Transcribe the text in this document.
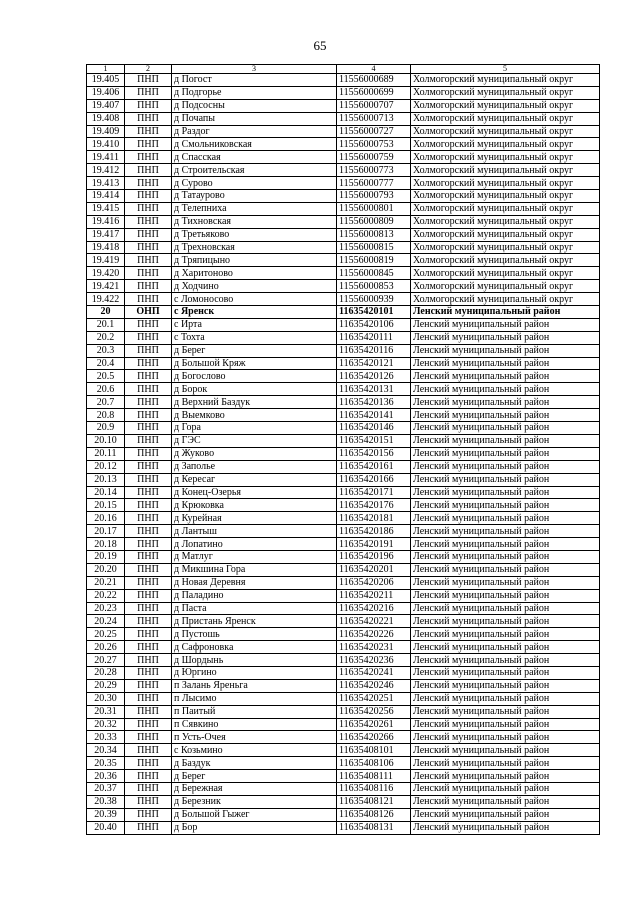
65
1	2	3	4	5
19.405	ПНП	д Погост	11556000689	Холмогорский муниципальный округ
19.406	ПНП	д Подгорье	11556000699	Холмогорский муниципальный округ
19.407	ПНП	д Подсосны	11556000707	Холмогорский муниципальный округ
19.408	ПНП	д Почапы	11556000713	Холмогорский муниципальный округ
19.409	ПНП	д Раздог	11556000727	Холмогорский муниципальный округ
19.410	ПНП	д Смольниковская	11556000753	Холмогорский муниципальный округ
19.411	ПНП	д Спасская	11556000759	Холмогорский муниципальный округ
19.412	ПНП	д Строительская	11556000773	Холмогорский муниципальный округ
19.413	ПНП	д Сурово	11556000777	Холмогорский муниципальный округ
19.414	ПНП	д Татаурово	11556000793	Холмогорский муниципальный округ
19.415	ПНП	д Телепниха	11556000801	Холмогорский муниципальный округ
19.416	ПНП	д Тихновская	11556000809	Холмогорский муниципальный округ
19.417	ПНП	д Третьяково	11556000813	Холмогорский муниципальный округ
19.418	ПНП	д Трехновская	11556000815	Холмогорский муниципальный округ
19.419	ПНП	д Тряпицыно	11556000819	Холмогорский муниципальный округ
19.420	ПНП	д Харитоново	11556000845	Холмогорский муниципальный округ
19.421	ПНП	д Ходчино	11556000853	Холмогорский муниципальный округ
19.422	ПНП	с Ломоносово	11556000939	Холмогорский муниципальный округ
20	ОНП	с Яренск	11635420101	Ленский муниципальный район
20.1	ПНП	с Ирта	11635420106	Ленский муниципальный район
20.2	ПНП	с Тохта	11635420111	Ленский муниципальный район
20.3	ПНП	д Берег	11635420116	Ленский муниципальный район
20.4	ПНП	д Большой Кряж	11635420121	Ленский муниципальный район
20.5	ПНП	д Богослово	11635420126	Ленский муниципальный район
20.6	ПНП	д Борок	11635420131	Ленский муниципальный район
20.7	ПНП	д Верхний Баздук	11635420136	Ленский муниципальный район
20.8	ПНП	д Выемково	11635420141	Ленский муниципальный район
20.9	ПНП	д Гора	11635420146	Ленский муниципальный район
20.10	ПНП	д ГЭС	11635420151	Ленский муниципальный район
20.11	ПНП	д Жуково	11635420156	Ленский муниципальный район
20.12	ПНП	д Заполье	11635420161	Ленский муниципальный район
20.13	ПНП	д Кересаг	11635420166	Ленский муниципальный район
20.14	ПНП	д Конец-Озерья	11635420171	Ленский муниципальный район
20.15	ПНП	д Крюковка	11635420176	Ленский муниципальный район
20.16	ПНП	д Курейная	11635420181	Ленский муниципальный район
20.17	ПНП	д Лантыш	11635420186	Ленский муниципальный район
20.18	ПНП	д Лопатино	11635420191	Ленский муниципальный район
20.19	ПНП	д Матлуг	11635420196	Ленский муниципальный район
20.20	ПНП	д Микшина Гора	11635420201	Ленский муниципальный район
20.21	ПНП	д Новая Деревня	11635420206	Ленский муниципальный район
20.22	ПНП	д Паладино	11635420211	Ленский муниципальный район
20.23	ПНП	д Паста	11635420216	Ленский муниципальный район
20.24	ПНП	д Пристань Яренск	11635420221	Ленский муниципальный район
20.25	ПНП	д Пустошь	11635420226	Ленский муниципальный район
20.26	ПНП	д Сафроновка	11635420231	Ленский муниципальный район
20.27	ПНП	д Шордынь	11635420236	Ленский муниципальный район
20.28	ПНП	д Юргино	11635420241	Ленский муниципальный район
20.29	ПНП	п Залань Яреньга	11635420246	Ленский муниципальный район
20.30	ПНП	п Лысимо	11635420251	Ленский муниципальный район
20.31	ПНП	п Паитый	11635420256	Ленский муниципальный район
20.32	ПНП	п Сявкино	11635420261	Ленский муниципальный район
20.33	ПНП	п Усть-Очея	11635420266	Ленский муниципальный район
20.34	ПНП	с Козьмино	11635408101	Ленский муниципальный район
20.35	ПНП	д Баздук	11635408106	Ленский муниципальный район
20.36	ПНП	д Берег	11635408111	Ленский муниципальный район
20.37	ПНП	д Бережная	11635408116	Ленский муниципальный район
20.38	ПНП	д Березник	11635408121	Ленский муниципальный район
20.39	ПНП	д Большой Гыжег	11635408126	Ленский муниципальный район
20.40	ПНП	д Бор	11635408131	Ленский муниципальный район
